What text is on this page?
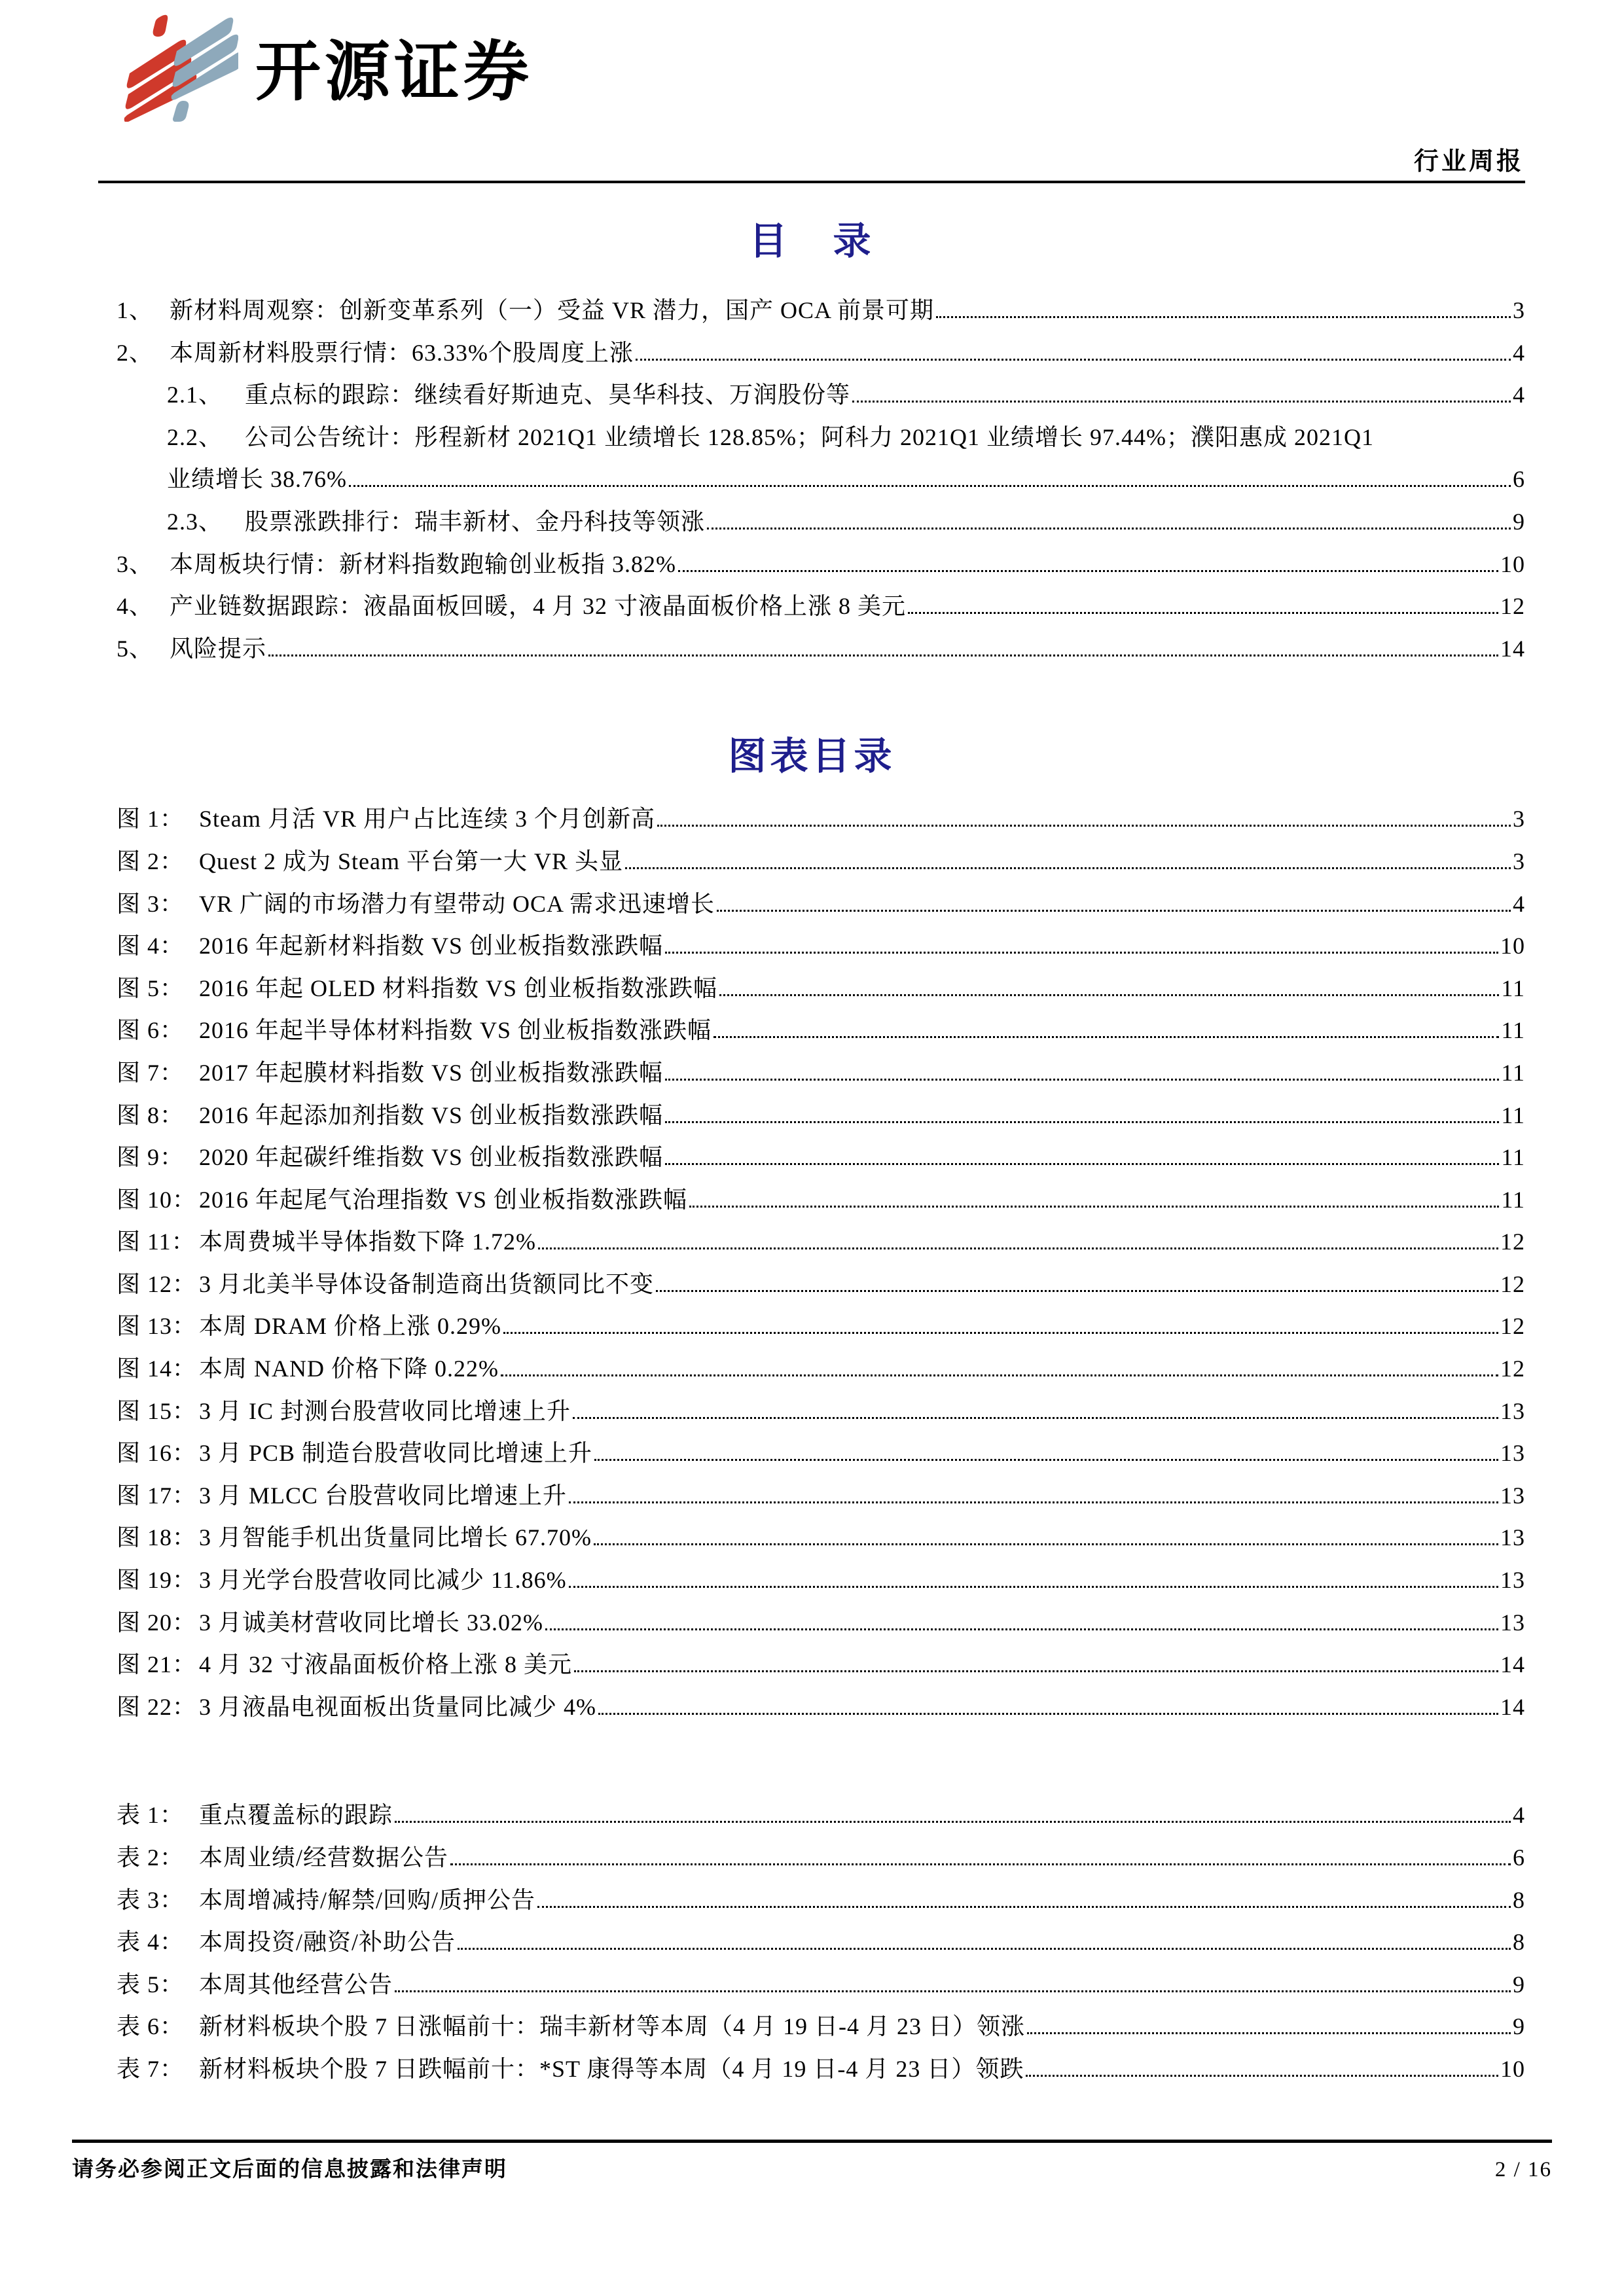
开源证券
行业周报
目　录
1、 新材料周观察：创新变革系列（一）受益 VR 潜力，国产 OCA 前景可期	3
2、 本周新材料股票行情：63.33%个股周度上涨	4
2.1、 重点标的跟踪：继续看好斯迪克、昊华科技、万润股份等	4
2.2、 公司公告统计：彤程新材 2021Q1 业绩增长 128.85%；阿科力 2021Q1 业绩增长 97.44%；濮阳惠成 2021Q1
业绩增长 38.76%	6
2.3、 股票涨跌排行：瑞丰新材、金丹科技等领涨	9
3、 本周板块行情：新材料指数跑输创业板指 3.82%	10
4、 产业链数据跟踪：液晶面板回暖，4 月 32 寸液晶面板价格上涨 8 美元	12
5、 风险提示	14
图表目录
图 1： Steam 月活 VR 用户占比连续 3 个月创新高	3
图 2： Quest 2 成为 Steam 平台第一大 VR 头显	3
图 3： VR 广阔的市场潜力有望带动 OCA 需求迅速增长	4
图 4： 2016 年起新材料指数 VS 创业板指数涨跌幅	10
图 5： 2016 年起 OLED 材料指数 VS 创业板指数涨跌幅	11
图 6： 2016 年起半导体材料指数 VS 创业板指数涨跌幅	11
图 7： 2017 年起膜材料指数 VS 创业板指数涨跌幅	11
图 8： 2016 年起添加剂指数 VS 创业板指数涨跌幅	11
图 9： 2020 年起碳纤维指数 VS 创业板指数涨跌幅	11
图 10： 2016 年起尾气治理指数 VS 创业板指数涨跌幅	11
图 11： 本周费城半导体指数下降 1.72%	12
图 12： 3 月北美半导体设备制造商出货额同比不变	12
图 13： 本周 DRAM 价格上涨 0.29%	12
图 14： 本周 NAND 价格下降 0.22%	12
图 15： 3 月 IC 封测台股营收同比增速上升	13
图 16： 3 月 PCB 制造台股营收同比增速上升	13
图 17： 3 月 MLCC 台股营收同比增速上升	13
图 18： 3 月智能手机出货量同比增长 67.70%	13
图 19： 3 月光学台股营收同比减少 11.86%	13
图 20： 3 月诚美材营收同比增长 33.02%	13
图 21： 4 月 32 寸液晶面板价格上涨 8 美元	14
图 22： 3 月液晶电视面板出货量同比减少 4%	14
表 1： 重点覆盖标的跟踪	4
表 2： 本周业绩/经营数据公告	6
表 3： 本周增减持/解禁/回购/质押公告	8
表 4： 本周投资/融资/补助公告	8
表 5： 本周其他经营公告	9
表 6： 新材料板块个股 7 日涨幅前十：瑞丰新材等本周（4 月 19 日-4 月 23 日）领涨	9
表 7： 新材料板块个股 7 日跌幅前十：*ST 康得等本周（4 月 19 日-4 月 23 日）领跌	10
请务必参阅正文后面的信息披露和法律声明	2 / 16
